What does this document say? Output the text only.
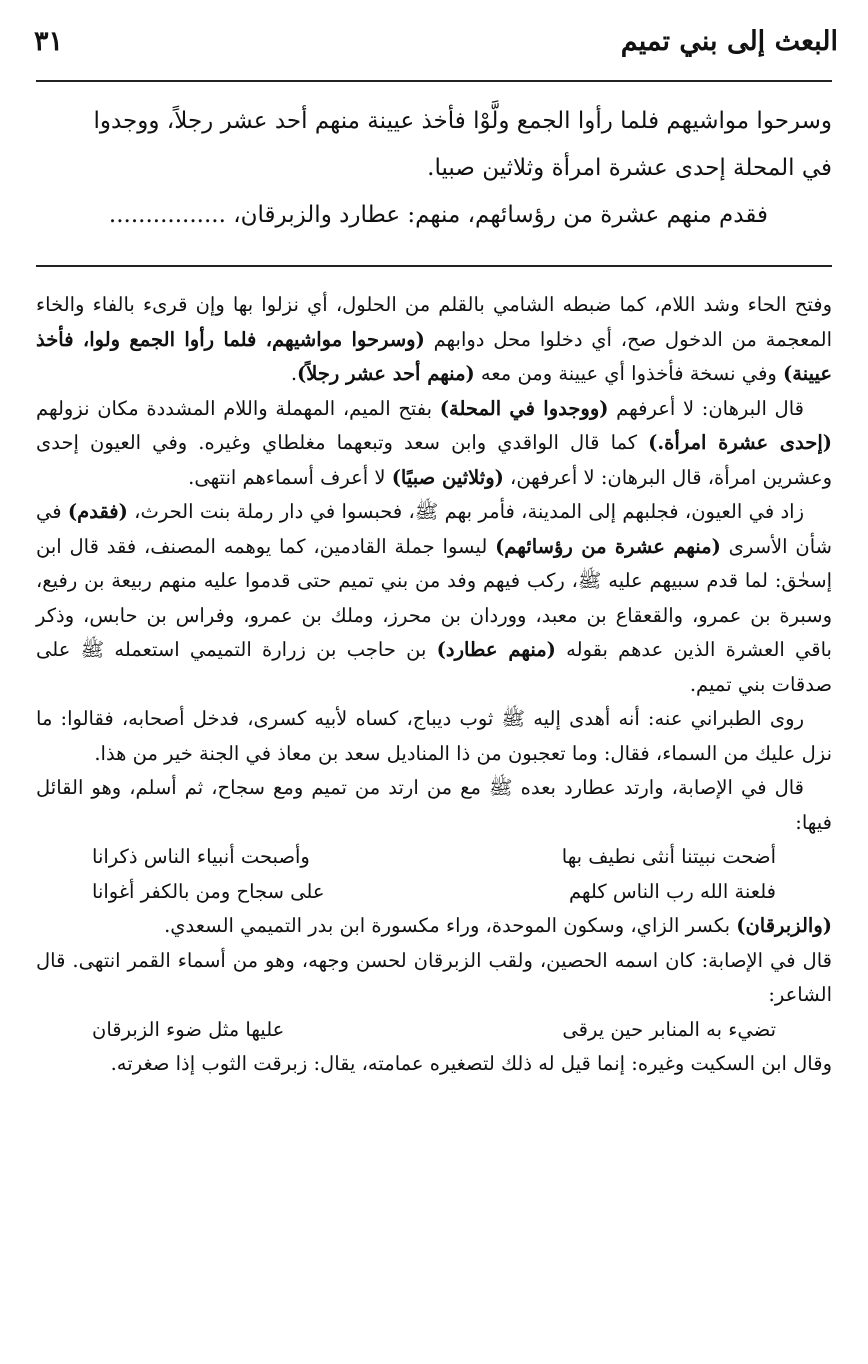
البعث إلى بني تميم
٣١

وسرحوا مواشيهم فلما رأوا الجمع ولَّوْا فأخذ عيينة منهم أحد عشر رجلاً، ووجدوا

في المحلة إحدى عشرة امرأة وثلاثين صبيا.

فقدم منهم عشرة من رؤسائهم، منهم: عطارد والزبرقان، ................

وفتح الحاء وشد اللام، كما ضبطه الشامي بالقلم من الحلول، أي نزلوا بها وإن قرىء بالفاء والخاء المعجمة من الدخول صح، أي دخلوا محل دوابهم (وسرحوا مواشيهم، فلما رأوا الجمع ولوا، فأخذ عيينة) وفي نسخة فأخذوا أي عيينة ومن معه (منهم أحد عشر رجلاً).

قال البرهان: لا أعرفهم (ووجدوا في المحلة) بفتح الميم، المهملة واللام المشددة مكان نزولهم (إحدى عشرة امرأة.) كما قال الواقدي وابن سعد وتبعهما مغلطاي وغيره. وفي العيون إحدى وعشرين امرأة، قال البرهان: لا أعرفهن، (وثلاثين صبيًا) لا أعرف أسماءهم انتهى.

زاد في العيون، فجلبهم إلى المدينة، فأمر بهم ﷺ، فحبسوا في دار رملة بنت الحرث، (فقدم) في شأن الأسرى (منهم عشرة من رؤسائهم) ليسوا جملة القادمين، كما يوهمه المصنف، فقد قال ابن إسحٰق: لما قدم سبيهم عليه ﷺ، ركب فيهم وفد من بني تميم حتى قدموا عليه منهم ربيعة بن رفيع، وسبرة بن عمرو، والقعقاع بن معبد، ووردان بن محرز، وملك بن عمرو، وفراس بن حابس، وذكر باقي العشرة الذين عدهم بقوله (منهم عطارد) بن حاجب بن زرارة التميمي استعمله ﷺ على صدقات بني تميم.

روى الطبراني عنه: أنه أهدى إليه ﷺ ثوب ديباج، كساه لأبيه كسرى، فدخل أصحابه، فقالوا: ما نزل عليك من السماء، فقال: وما تعجبون من ذا المناديل سعد بن معاذ في الجنة خير من هذا.

قال في الإصابة، وارتد عطارد بعده ﷺ مع من ارتد من تميم ومع سجاح، ثم أسلم، وهو القائل فيها:

أضحت نبيتنا أنثى نطيف بها
وأصبحت أنبياء الناس ذكرانا
فلعنة الله رب الناس كلهم
على سجاح ومن بالكفر أغوانا

(والزبرقان) بكسر الزاي، وسكون الموحدة، وراء مكسورة ابن بدر التميمي السعدي.

قال في الإصابة: كان اسمه الحصين، ولقب الزبرقان لحسن وجهه، وهو من أسماء القمر انتهى. قال الشاعر:

تضيء به المنابر حين يرقى
عليها مثل ضوء الزبرقان

وقال ابن السكيت وغيره: إنما قيل له ذلك لتصغيره عمامته، يقال: زبرقت الثوب إذا صغرته.
